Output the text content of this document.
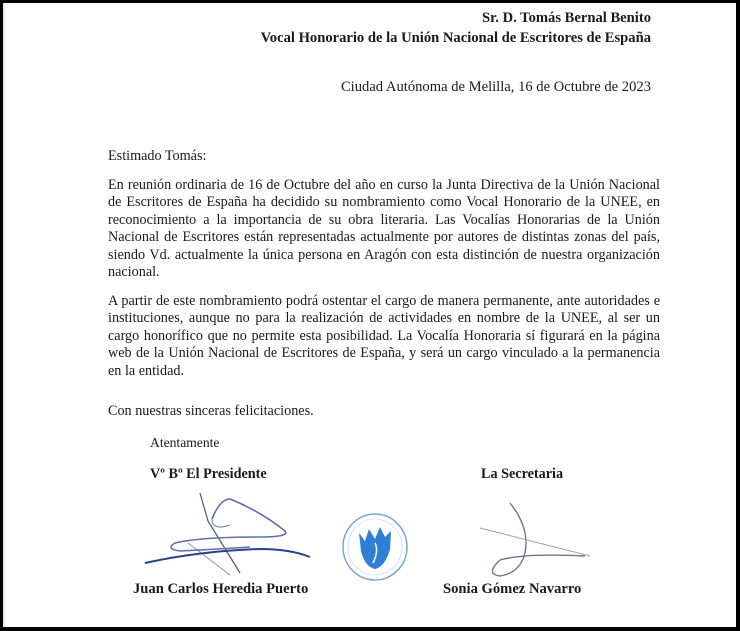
Sr. D. Tomás Bernal Benito
Vocal Honorario de la Unión Nacional de Escritores de España
Ciudad Autónoma de Melilla, 16 de Octubre de 2023
Estimado Tomás:
En reunión ordinaria de 16 de Octubre del año en curso la Junta Directiva de la Unión Nacional de Escritores de España ha decidido su nombramiento como Vocal Honorario de la UNEE, en reconocimiento a la importancia de su obra literaria. Las Vocalías Honorarias de la Unión Nacional de Escritores están representadas actualmente por autores de distintas zonas del país, siendo Vd. actualmente la única persona en Aragón con esta distinción de nuestra organización nacional.
A partir de este nombramiento podrá ostentar el cargo de manera permanente, ante autoridades e instituciones, aunque no para la realización de actividades en nombre de la UNEE, al ser un cargo honorífico que no permite esta posibilidad. La Vocalía Honoraria sí figurará en la página web de la Unión Nacional de Escritores de España, y será un cargo vinculado a la permanencia en la entidad.
Con nuestras sinceras felicitaciones.
Atentamente
Vº Bº El Presidente	La Secretaria
Juan Carlos Heredia Puerto	Sonia Gómez Navarro
